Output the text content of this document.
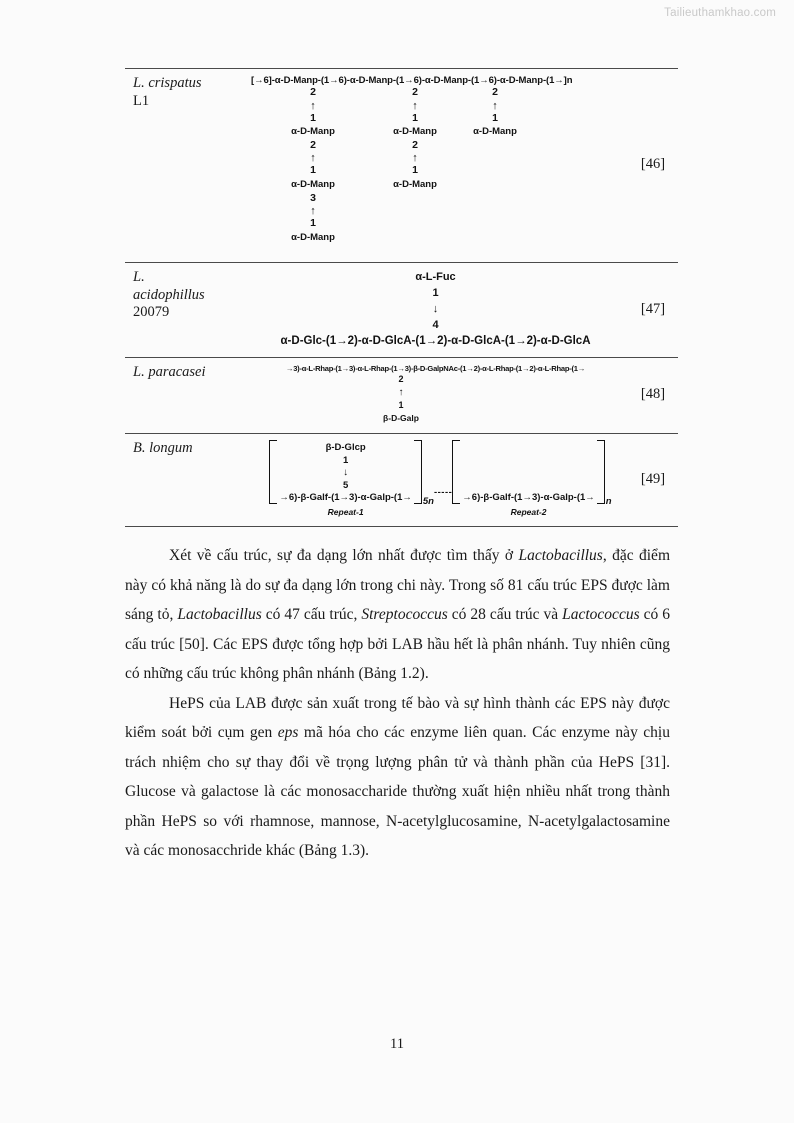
Tailieuthamkhao.com
L. crispatus
L1

[→6]-α-D-Manp-(1→6)-α-D-Manp-(1→6)-α-D-Manp-(1→6)-α-D-Manp-(1→]n
2
↑
1
α-D-Manp
2
↑
1
α-D-Manp
3
↑
1
α-D-Manp
2
↑
1
α-D-Manp
2
↑
1
α-D-Manp
2
↑
1
α-D-Manp
	[46]

L.
acidophillus
20079

α-L-Fuc
1
↓
4
α-D-Glc-(1→2)-α-D-GlcA-(1→2)-α-D-GlcA-(1→2)-α-D-GlcA
	[47]

L. paracasei	→3)-α-L-Rhap-(1→3)-α-L-Rhap-(1→3)-β-D-GalpNAc-(1→2)-α-L-Rhap-(1→2)-α-L-Rhap-(1→
2
↑
1
β-D-Galp	[48]

B. longum	β-D-Glcp
1
↓
5
→6)-β-Galf-(1→3)-α-Galp-(1→
Repeat-1
5n
-----

→6)-β-Galf-(1→3)-α-Galp-(1→
Repeat-2
n
	[49]

Xét về cấu trúc, sự đa dạng lớn nhất được tìm thấy ở Lactobacillus, đặc điểm này có khả năng là do sự đa dạng lớn trong chi này. Trong số 81 cấu trúc EPS được làm sáng tỏ, Lactobacillus có 47 cấu trúc, Streptococcus có 28 cấu trúc và Lactococcus có 6 cấu trúc [50]. Các EPS được tổng hợp bởi LAB hầu hết là phân nhánh. Tuy nhiên cũng có những cấu trúc không phân nhánh (Bảng 1.2).

HePS của LAB được sản xuất trong tế bào và sự hình thành các EPS này được kiểm soát bởi cụm gen eps mã hóa cho các enzyme liên quan. Các enzyme này chịu trách nhiệm cho sự thay đổi về trọng lượng phân tử và thành phần của HePS [31]. Glucose và galactose là các monosaccharide thường xuất hiện nhiều nhất trong thành phần HePS so với rhamnose, mannose, N-acetylglucosamine, N-acetylgalactosamine và các monosacchride khác (Bảng 1.3).

11
